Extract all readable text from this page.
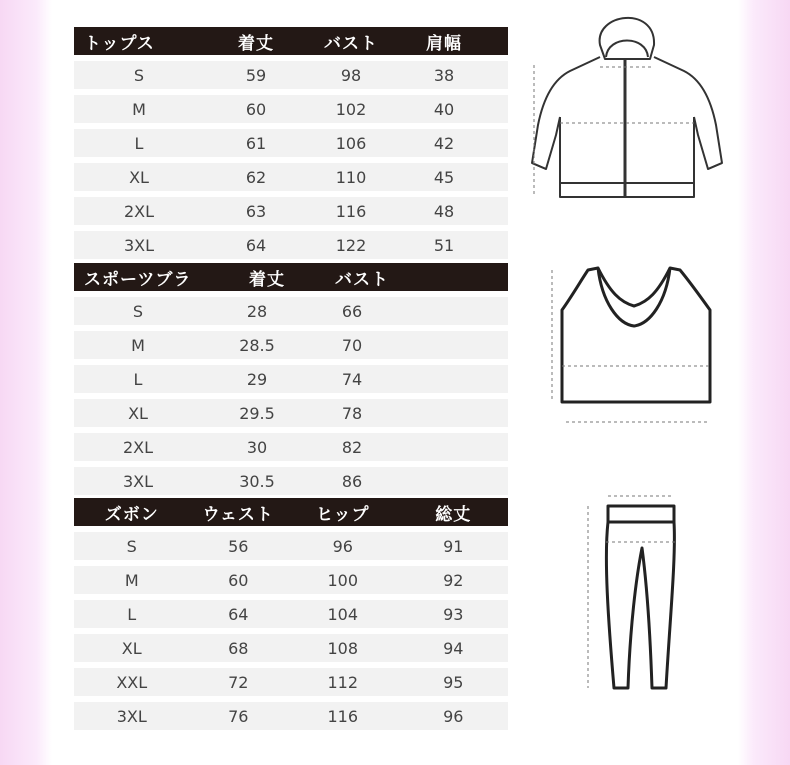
トップス	着丈	バスト	肩幅
S	59	98	38
M	60	102	40
L	61	106	42
XL	62	110	45
2XL	63	116	48
3XL	64	122	51
スポーツブラ	着丈	バスト
S	28	66
M	28.5	70
L	29	74
XL	29.5	78
2XL	30	82
3XL	30.5	86
ズボン	ウェスト	ヒップ	総丈
S	56	96	91
M	60	100	92
L	64	104	93
XL	68	108	94
XXL	72	112	95
3XL	76	116	96
